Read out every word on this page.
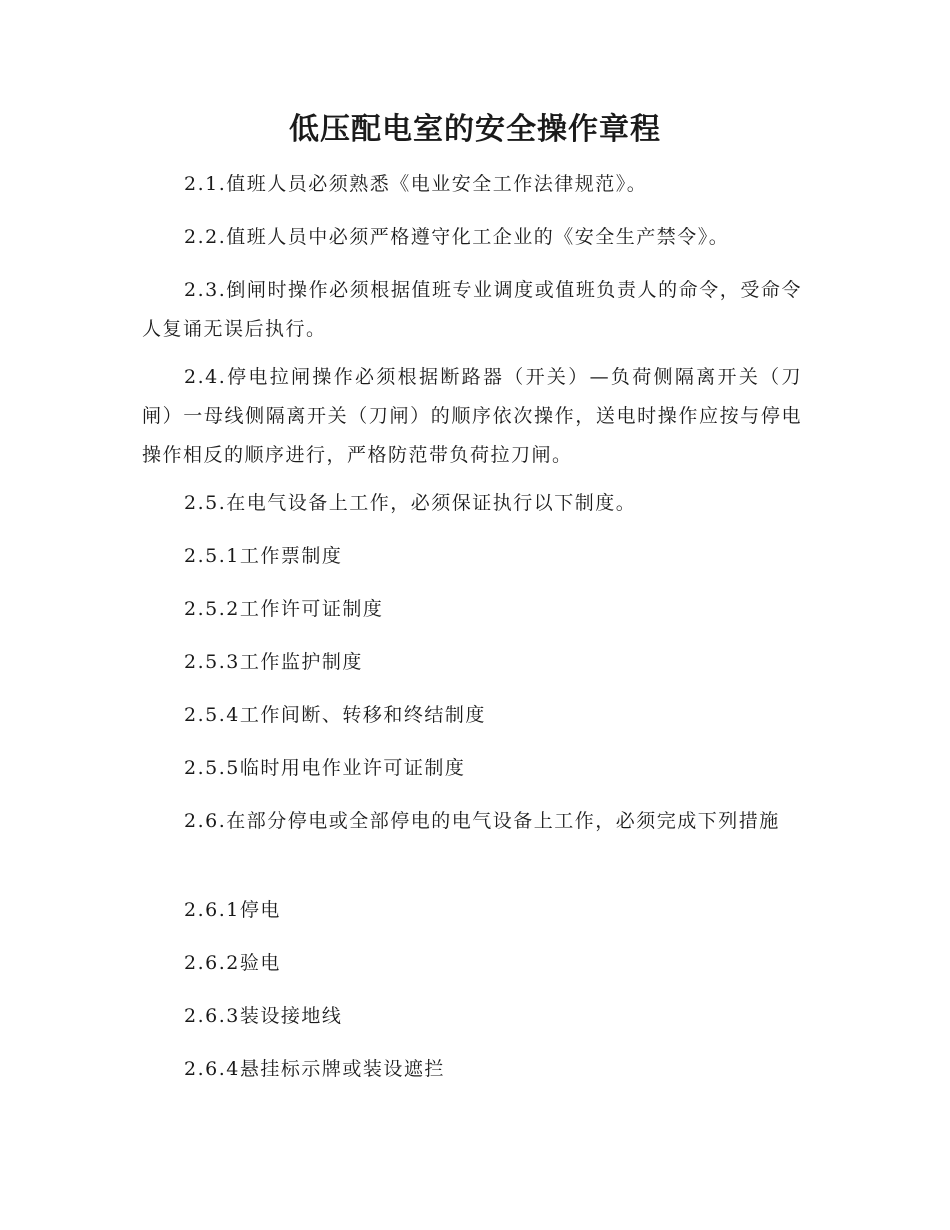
低压配电室的安全操作章程
2.1.值班人员必须熟悉《电业安全工作法律规范》。
2.2.值班人员中必须严格遵守化工企业的《安全生产禁令》。
2.3.倒闸时操作必须根据值班专业调度或值班负责人的命令，受命令人复诵无误后执行。
2.4.停电拉闸操作必须根据断路器（开关）—负荷侧隔离开关（刀闸）一母线侧隔离开关（刀闸）的顺序依次操作，送电时操作应按与停电操作相反的顺序进行，严格防范带负荷拉刀闸。
2.5.在电气设备上工作，必须保证执行以下制度。
2.5.1工作票制度
2.5.2工作许可证制度
2.5.3工作监护制度
2.5.4工作间断、转移和终结制度
2.5.5临时用电作业许可证制度
2.6.在部分停电或全部停电的电气设备上工作，必须完成下列措施
2.6.1停电
2.6.2验电
2.6.3装设接地线
2.6.4悬挂标示牌或装设遮拦
